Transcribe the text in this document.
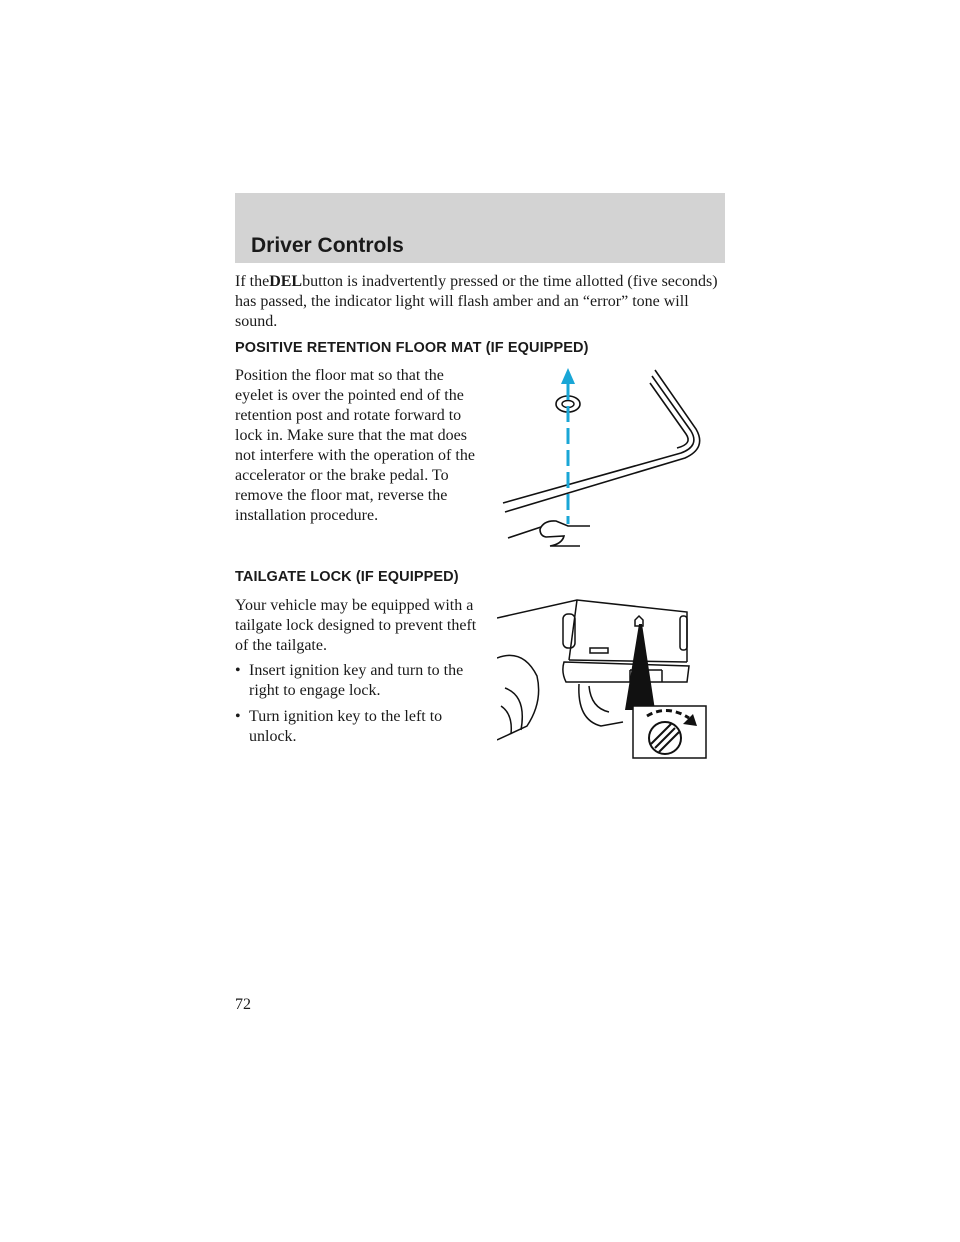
Driver Controls

If theDELbutton is inadvertently pressed or the time allotted (five seconds) has passed, the indicator light will flash amber and an “error” tone will sound.

POSITIVE RETENTION FLOOR MAT (IF EQUIPPED)

Position the floor mat so that the eyelet is over the pointed end of the retention post and rotate forward to lock in. Make sure that the mat does not interfere with the operation of the accelerator or the brake pedal. To remove the floor mat, reverse the installation procedure.

TAILGATE LOCK (IF EQUIPPED)

Your vehicle may be equipped with a tailgate lock designed to prevent theft of the tailgate.

• Insert ignition key and turn to the right to engage lock.
• Turn ignition key to the left to unlock.

72
